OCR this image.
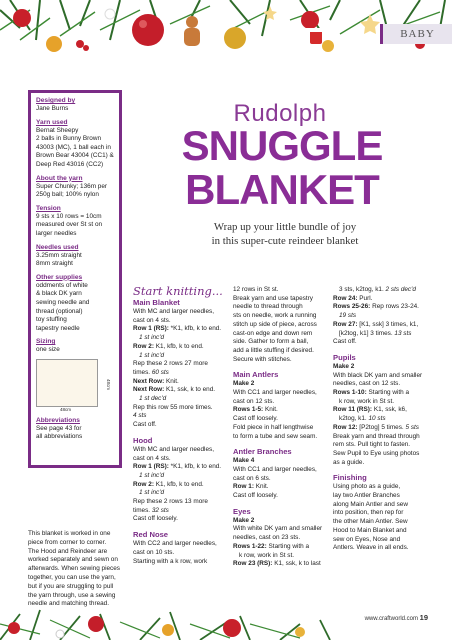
BABY
Designed by
Jane Burns
Yarn used
Bernat Sheepy
2 balls in Bunny Brown
43003 (MC), 1 ball each in
Brown Bear 43004 (CC1) &
Deep Red 43016 (CC2)
About the yarn
Super Chunky; 136m per
250g ball; 100% nylon
Tension
9 sts x 10 rows = 10cm
measured over St st on
larger needles
Needles used
3.25mm straight
8mm straight
Other supplies
oddments of white
& black DK yarn
sewing needle and
thread (optional)
toy stuffing
tapestry needle
Sizing
one size
48cm
48cm
Abbreviations
See page 43 for
all abbreviations
This blanket is worked in one
piece from corner to corner.
The Hood and Reindeer are
worked separately and sewn on
afterwards. When sewing pieces
together, you can use the yarn,
but if you are struggling to pull
the yarn through, use a sewing
needle and matching thread.
Rudolph
SNUGGLE
BLANKET
Wrap up your little bundle of joy
in this super-cute reindeer blanket
Start knitting...
Main Blanket
With MC and larger needles,
cast on 4 sts.
Row 1 (RS): *K1, kfb, k to end.
1 st inc'd
Row 2: K1, kfb, k to end.
1 st inc'd
Rep these 2 rows 27 more
times. 60 sts
Next Row: Knit.
Next Row: K1, ssk, k to end.
1 st dec'd
Rep this row 55 more times.
4 sts
Cast off.
Hood
With MC and larger needles,
cast on 4 sts.
Row 1 (RS): *K1, kfb, k to end.
1 st inc'd
Row 2: K1, kfb, k to end.
1 st inc'd
Rep these 2 rows 13 more
times. 32 sts
Cast off loosely.
Red Nose
With CC2 and larger needles,
cast on 10 sts.
Starting with a k row, work
12 rows in St st.
Break yarn and use tapestry
needle to thread through
sts on needle, work a running
stitch up side of piece, across
cast-on edge and down rem
side. Gather to form a ball,
add a little stuffing if desired.
Secure with stitches.
Main Antlers
Make 2
With CC1 and larger needles,
cast on 12 sts.
Rows 1-5: Knit.
Cast off loosely.
Fold piece in half lengthwise
to form a tube and sew seam.
Antler Branches
Make 4
With CC1 and larger needles,
cast on 6 sts.
Row 1: Knit.
Cast off loosely.
Eyes
Make 2
With white DK yarn and smaller
needles, cast on 23 sts.
Rows 1-22: Starting with a
k row, work in St st.
Row 23 (RS): K1, ssk, k to last
3 sts, k2tog, k1. 2 sts dec'd
Row 24: Purl.
Rows 25-26: Rep rows 23-24.
19 sts
Row 27: [K1, ssk] 3 times, k1,
[k2tog, k1] 3 times. 13 sts
Cast off.
Pupils
Make 2
With black DK yarn and smaller
needles, cast on 12 sts.
Rows 1-10: Starting with a
k row, work in St st.
Row 11 (RS): K1, ssk, k6,
k2tog, k1. 10 sts
Row 12: [P2tog] 5 times. 5 sts
Break yarn and thread through
rem sts. Pull tight to fasten.
Sew Pupil to Eye using photos
as a guide.
Finishing
Using photo as a guide,
lay two Antler Branches
along Main Antler and sew
into position, then rep for
the other Main Antler. Sew
Hood to Main Blanket and
sew on Eyes, Nose and
Antlers. Weave in all ends.
www.craftworld.com 19
